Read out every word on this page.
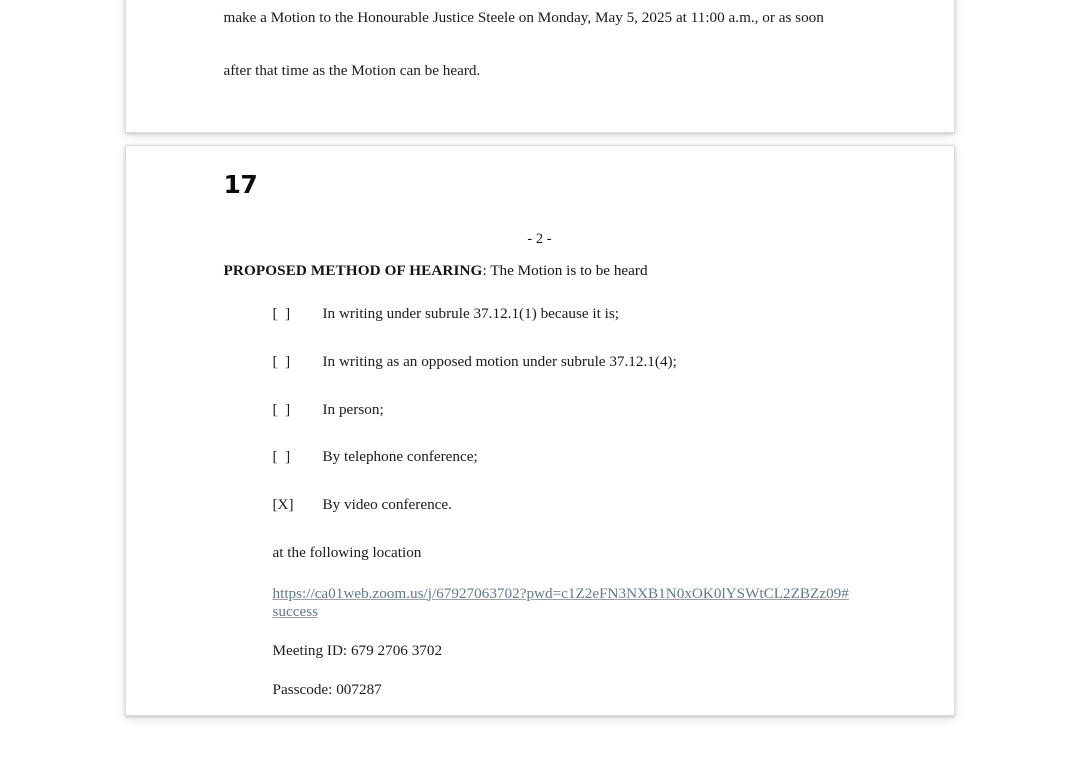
make a Motion to the Honourable Justice Steele on Monday, May 5, 2025 at 11:00 a.m., or as soon

after that time as the Motion can be heard.

17
- 2 -
PROPOSED METHOD OF HEARING: The Motion is to be heard
[  ]	In writing under subrule 37.12.1(1) because it is;
[  ]	In writing as an opposed motion under subrule 37.12.1(4);
[  ]	In person;
[  ]	By telephone conference;
[X]	By video conference.
at the following location
https://ca01web.zoom.us/j/67927063702?pwd=c1Z2eFN3NXB1N0xOK0lYSWtCL2ZBZz09#success
Meeting ID: 679 2706 3702
Passcode: 007287
